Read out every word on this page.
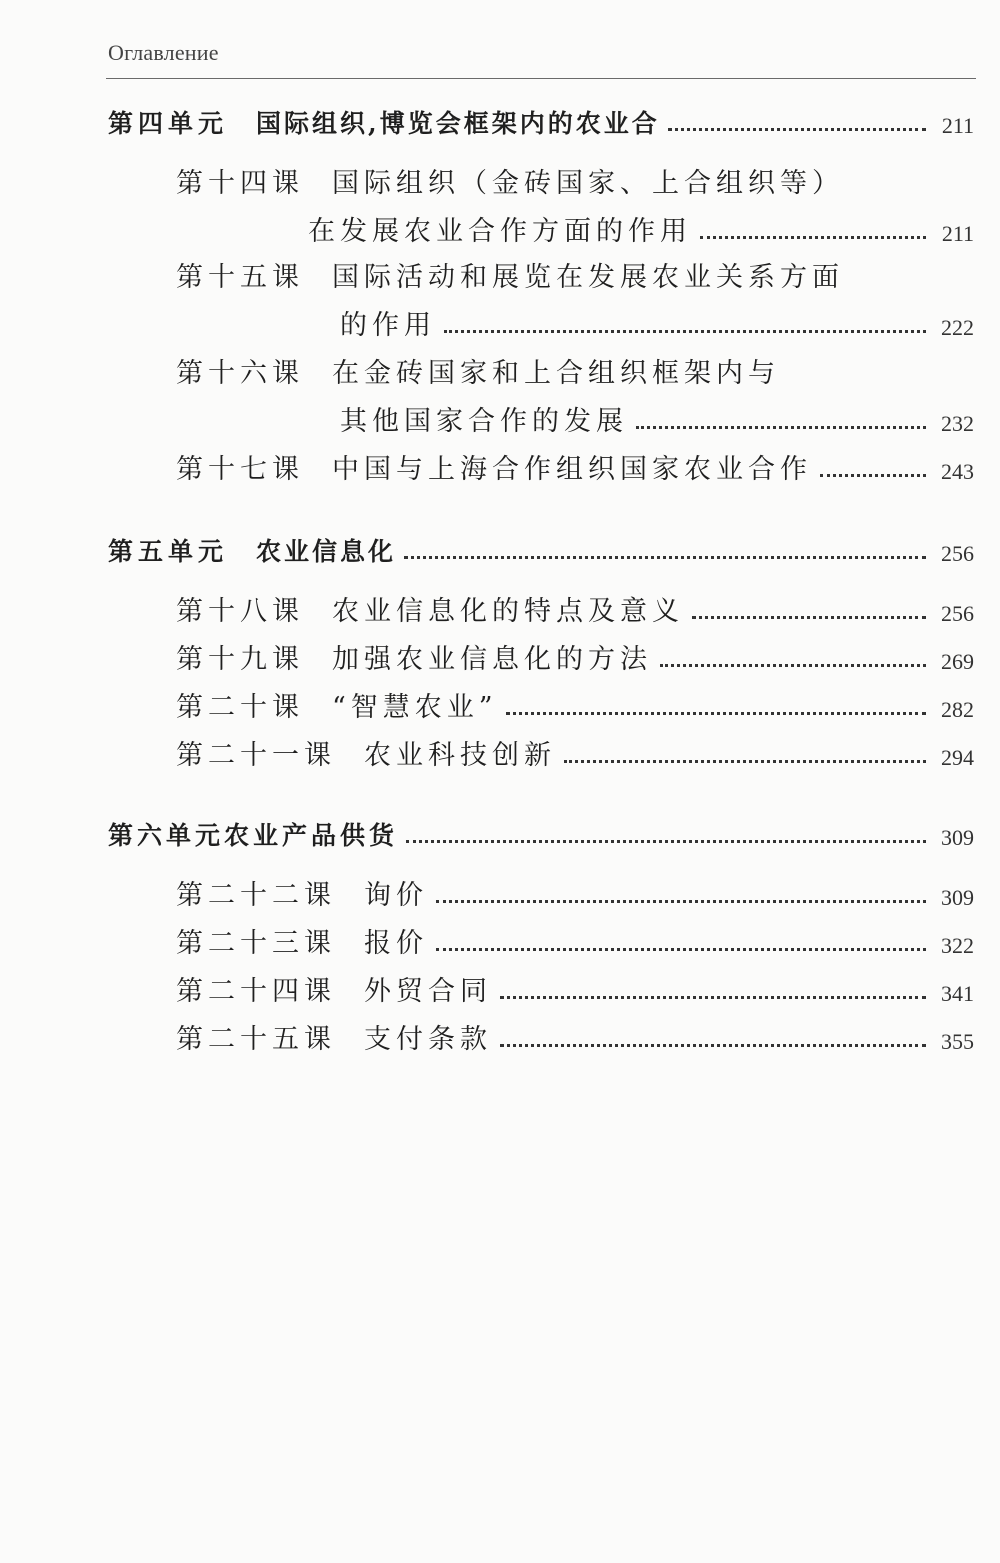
Оглавление
第四单元 国际组织,博览会框架内的农业合	211
第十四课 国际组织（金砖国家、上合组织等）
在发展农业合作方面的作用	211
第十五课 国际活动和展览在发展农业关系方面
的作用	222
第十六课 在金砖国家和上合组织框架内与
其他国家合作的发展	232
第十七课 中国与上海合作组织国家农业合作	243
第五单元 农业信息化	256
第十八课 农业信息化的特点及意义	256
第十九课 加强农业信息化的方法	269
第二十课 “智慧农业”	282
第二十一课 农业科技创新	294
第六单元农业产品供货	309
第二十二课 询价	309
第二十三课 报价	322
第二十四课 外贸合同	341
第二十五课 支付条款	355
